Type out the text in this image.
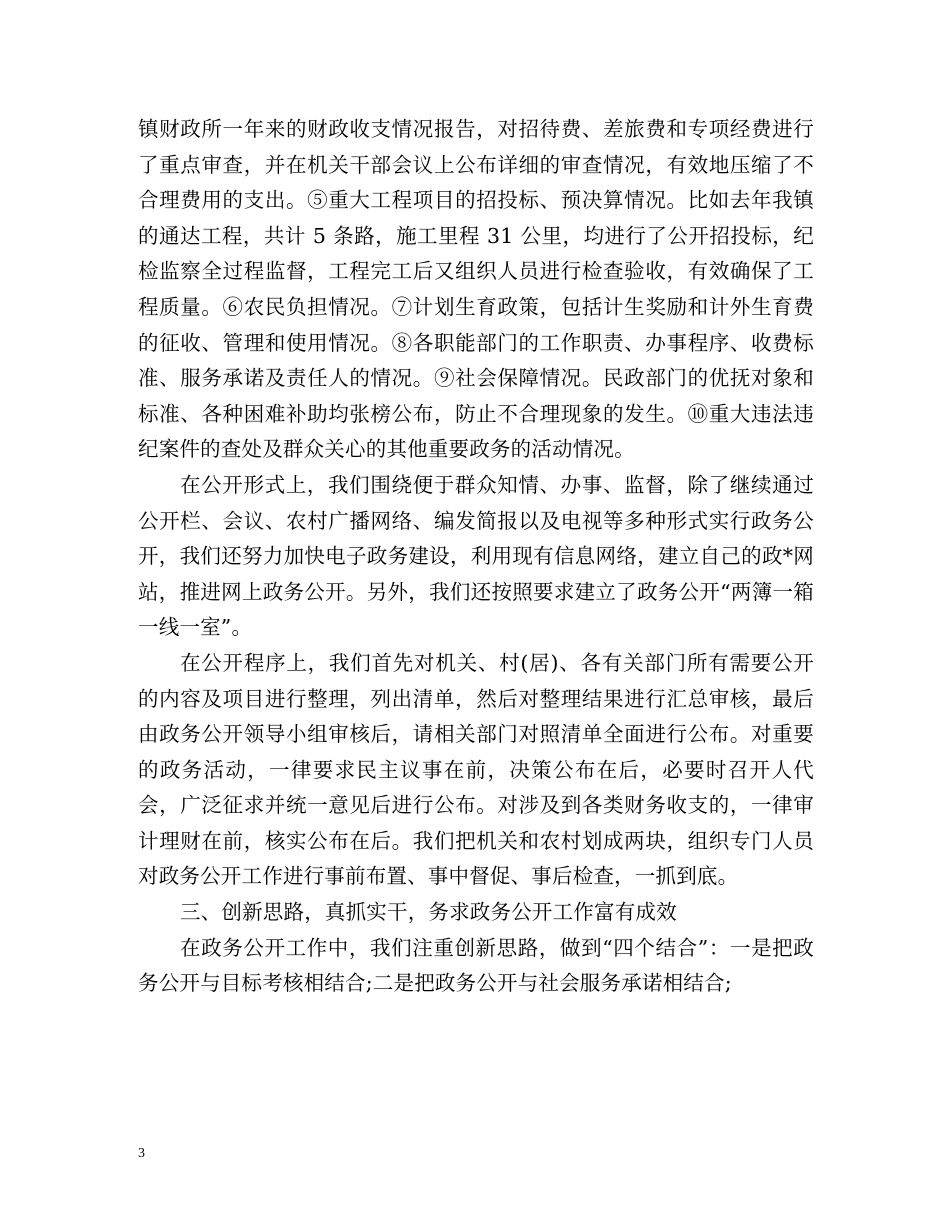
镇财政所一年来的财政收支情况报告，对招待费、差旅费和专项经费进行了重点审查，并在机关干部会议上公布详细的审查情况，有效地压缩了不合理费用的支出。⑤重大工程项目的招投标、预决算情况。比如去年我镇的通达工程，共计 5 条路，施工里程 31 公里，均进行了公开招投标，纪检监察全过程监督，工程完工后又组织人员进行检查验收，有效确保了工程质量。⑥农民负担情况。⑦计划生育政策，包括计生奖励和计外生育费的征收、管理和使用情况。⑧各职能部门的工作职责、办事程序、收费标准、服务承诺及责任人的情况。⑨社会保障情况。民政部门的优抚对象和标准、各种困难补助均张榜公布，防止不合理现象的发生。⑩重大违法违纪案件的查处及群众关心的其他重要政务的活动情况。

在公开形式上，我们围绕便于群众知情、办事、监督，除了继续通过公开栏、会议、农村广播网络、编发简报以及电视等多种形式实行政务公开，我们还努力加快电子政务建设，利用现有信息网络，建立自己的政*网站，推进网上政务公开。另外，我们还按照要求建立了政务公开“两簿一箱一线一室”。

在公开程序上，我们首先对机关、村(居)、各有关部门所有需要公开的内容及项目进行整理，列出清单，然后对整理结果进行汇总审核，最后由政务公开领导小组审核后，请相关部门对照清单全面进行公布。对重要的政务活动，一律要求民主议事在前，决策公布在后，必要时召开人代会，广泛征求并统一意见后进行公布。对涉及到各类财务收支的，一律审计理财在前，核实公布在后。我们把机关和农村划成两块，组织专门人员对政务公开工作进行事前布置、事中督促、事后检查，一抓到底。

三、创新思路，真抓实干，务求政务公开工作富有成效

在政务公开工作中，我们注重创新思路，做到“四个结合”：一是把政务公开与目标考核相结合;二是把政务公开与社会服务承诺相结合;

3
